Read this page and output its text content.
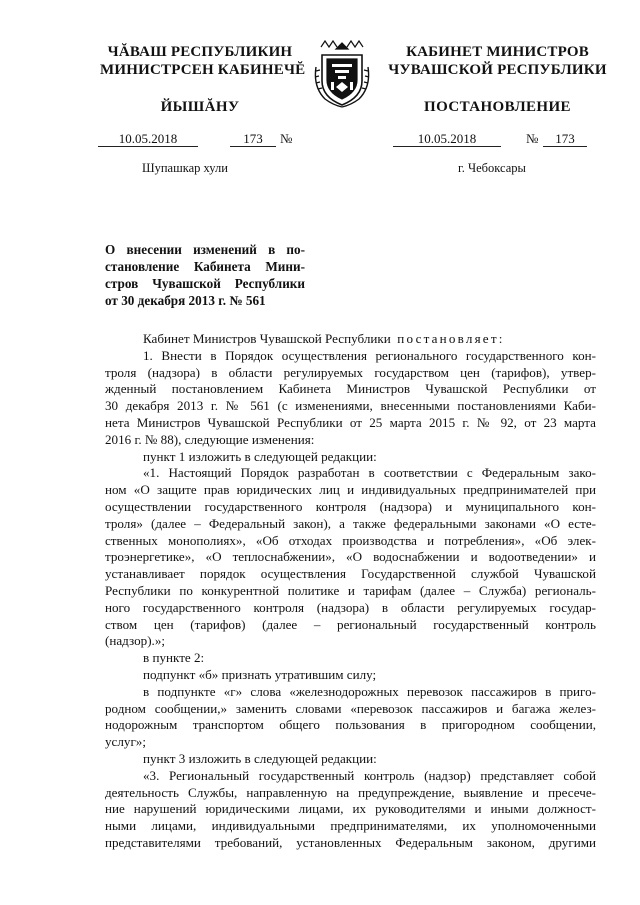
ЧĂВАШ РЕСПУБЛИКИН
МИНИСТРСЕН КАБИНЕЧĔ
ЙЫШĂНУ
КАБИНЕТ МИНИСТРОВ
ЧУВАШСКОЙ РЕСПУБЛИКИ
ПОСТАНОВЛЕНИЕ
10.05.2018	173	№	10.05.2018	№	173
Шупашкар хули	г. Чебоксары
О внесении изменений в по-
становление Кабинета Мини-
стров Чувашской Республики
от 30 декабря 2013 г. № 561
Кабинет Министров Чувашской Республики постановляет:
1. Внести в Порядок осуществления регионального государственного кон-
троля (надзора) в области регулируемых государством цен (тарифов), утвер-
жденный постановлением Кабинета Министров Чувашской Республики от
30 декабря 2013 г. № 561 (с изменениями, внесенными постановлениями Каби-
нета Министров Чувашской Республики от 25 марта 2015 г. № 92, от 23 марта
2016 г. № 88), следующие изменения:
пункт 1 изложить в следующей редакции:
«1. Настоящий Порядок разработан в соответствии с Федеральным зако-
ном «О защите прав юридических лиц и индивидуальных предпринимателей при
осуществлении государственного контроля (надзора) и муниципального кон-
троля» (далее – Федеральный закон), а также федеральными законами «О есте-
ственных монополиях», «Об отходах производства и потребления», «Об элек-
троэнергетике», «О теплоснабжении», «О водоснабжении и водоотведении» и
устанавливает порядок осуществления Государственной службой Чувашской
Республики по конкурентной политике и тарифам (далее – Служба) региональ-
ного государственного контроля (надзора) в области регулируемых государ-
ством цен (тарифов) (далее – региональный государственный контроль
(надзор).»;
в пункте 2:
подпункт «б» признать утратившим силу;
в подпункте «г» слова «железнодорожных перевозок пассажиров в приго-
родном сообщении,» заменить словами «перевозок пассажиров и багажа желез-
нодорожным транспортом общего пользования в пригородном сообщении,
услуг»;
пункт 3 изложить в следующей редакции:
«3. Региональный государственный контроль (надзор) представляет собой
деятельность Службы, направленную на предупреждение, выявление и пресече-
ние нарушений юридическими лицами, их руководителями и иными должност-
ными лицами, индивидуальными предпринимателями, их уполномоченными
представителями требований, установленных Федеральным законом, другими
